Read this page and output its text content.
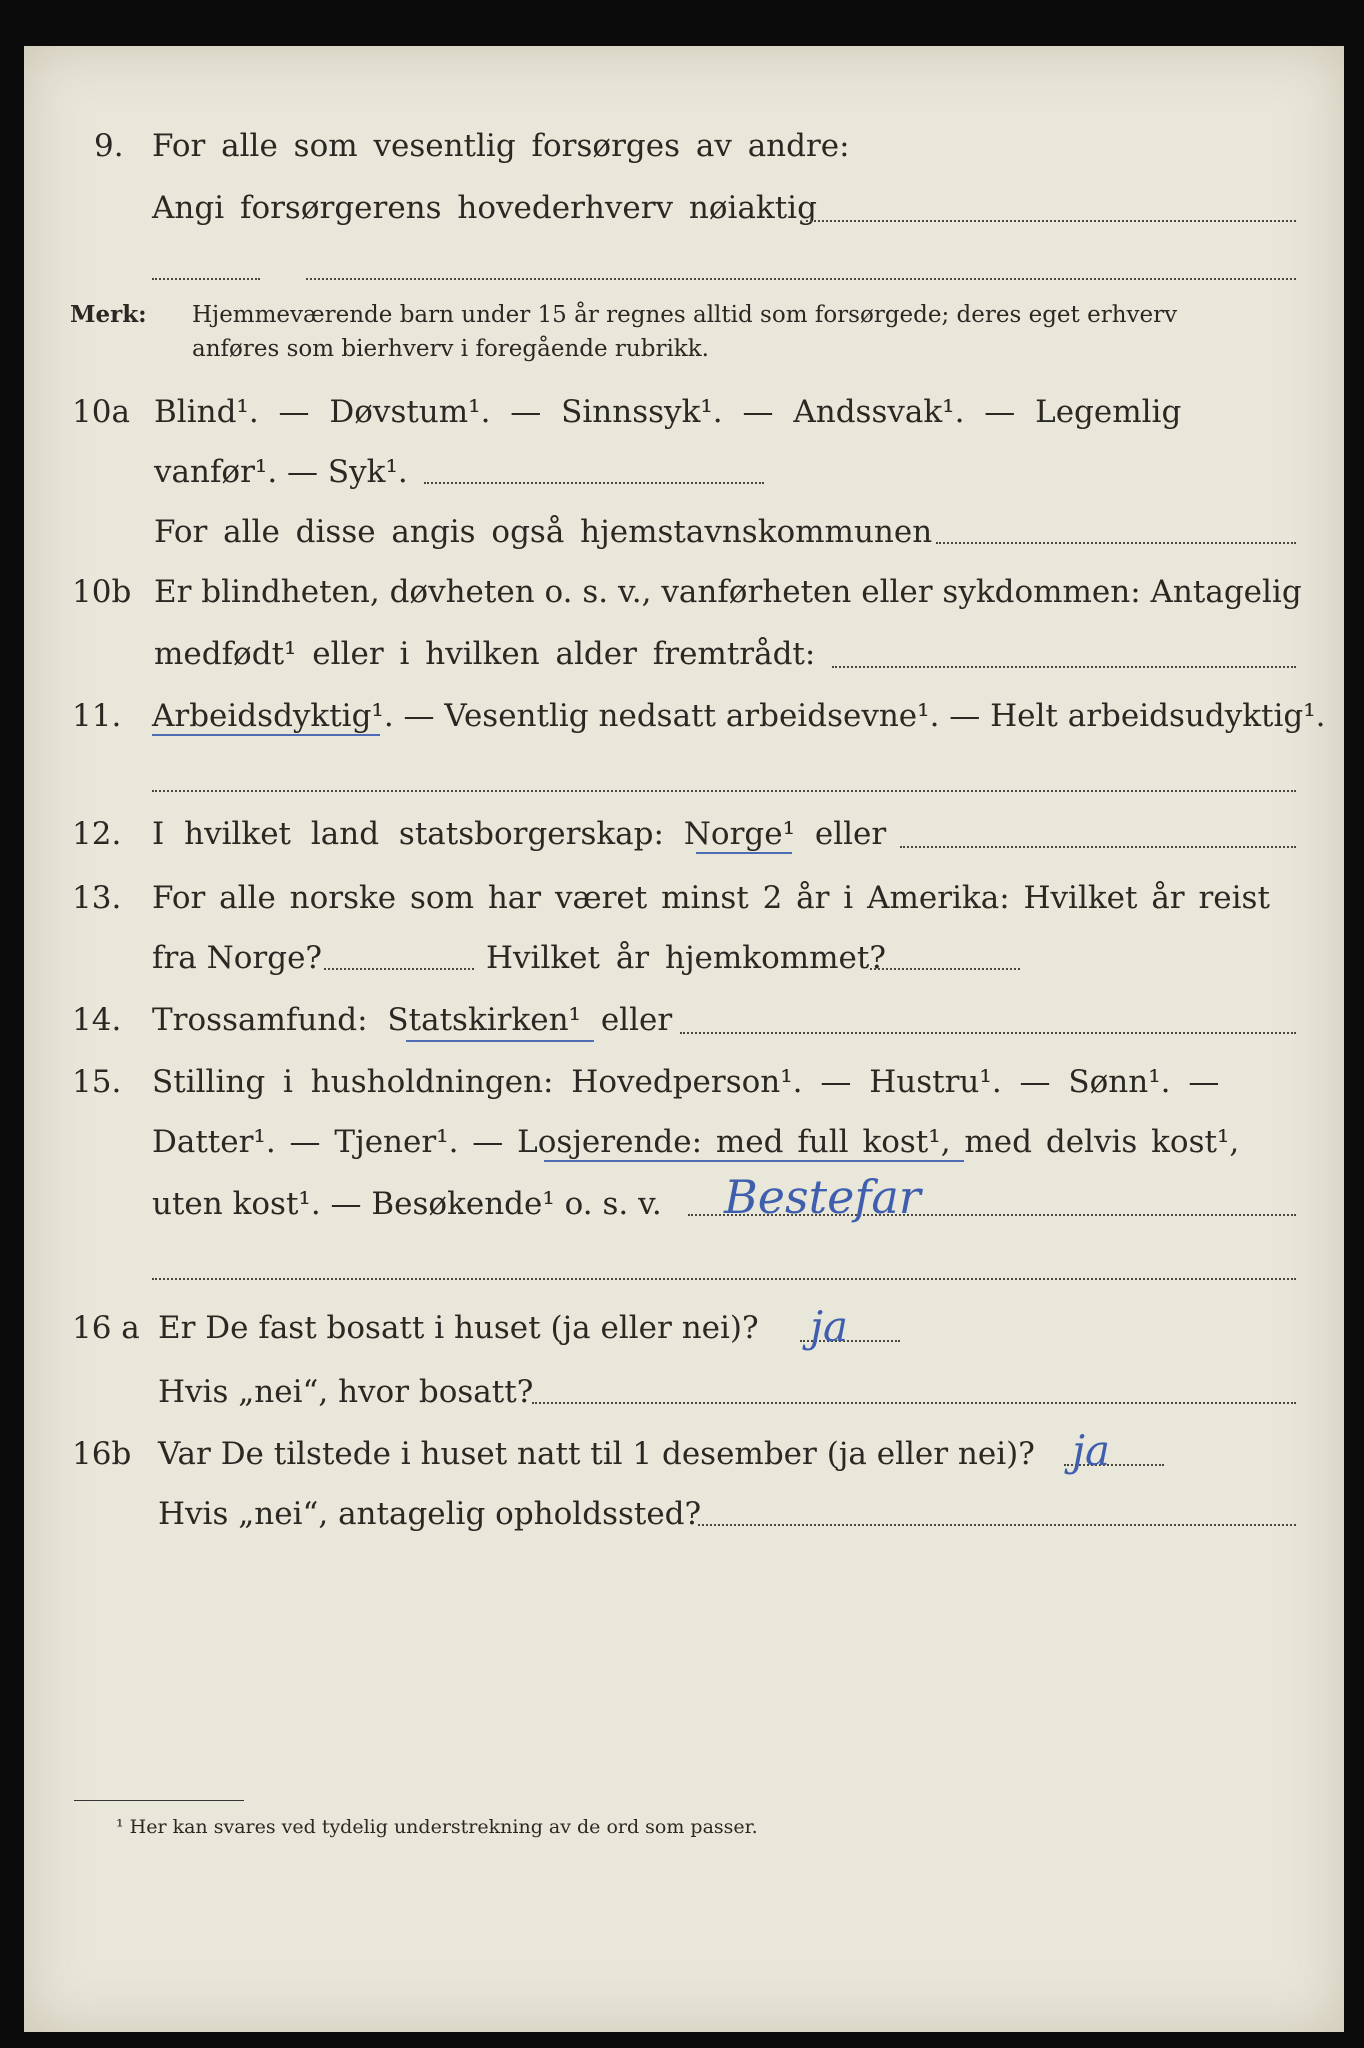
9. For alle som vesentlig forsørges av andre:
Angi forsørgerens hovederhverv nøiaktig
Merk: Hjemmeværende barn under 15 år regnes alltid som forsørgede; deres eget erhverv
anføres som bierhverv i foregående rubrikk.
10a Blind¹. — Døvstum¹. — Sinnssyk¹. — Andssvak¹. — Legemlig
vanfør¹. — Syk¹.
For alle disse angis også hjemstavnskommunen
10b Er blindheten, døvheten o. s. v., vanførheten eller sykdommen: Antagelig
medfødt¹ eller i hvilken alder fremtrådt:
11. Arbeidsdyktig¹. — Vesentlig nedsatt arbeidsevne¹. — Helt arbeidsudyktig¹.
12. I hvilket land statsborgerskap: Norge¹ eller
13. For alle norske som har været minst 2 år i Amerika: Hvilket år reist
fra Norge?	Hvilket år hjemkommet?
14. Trossamfund: Statskirken¹ eller
15. Stilling i husholdningen: Hovedperson¹. — Hustru¹. — Sønn¹. —
Datter¹. — Tjener¹. — Losjerende: med full kost¹, med delvis kost¹,
uten kost¹. — Besøkende¹ o. s. v. Bestefar
16 a Er De fast bosatt i huset (ja eller nei)? ja
Hvis „nei“, hvor bosatt?
16b Var De tilstede i huset natt til 1 desember (ja eller nei)? ja
Hvis „nei“, antagelig opholdssted?
¹ Her kan svares ved tydelig understrekning av de ord som passer.
